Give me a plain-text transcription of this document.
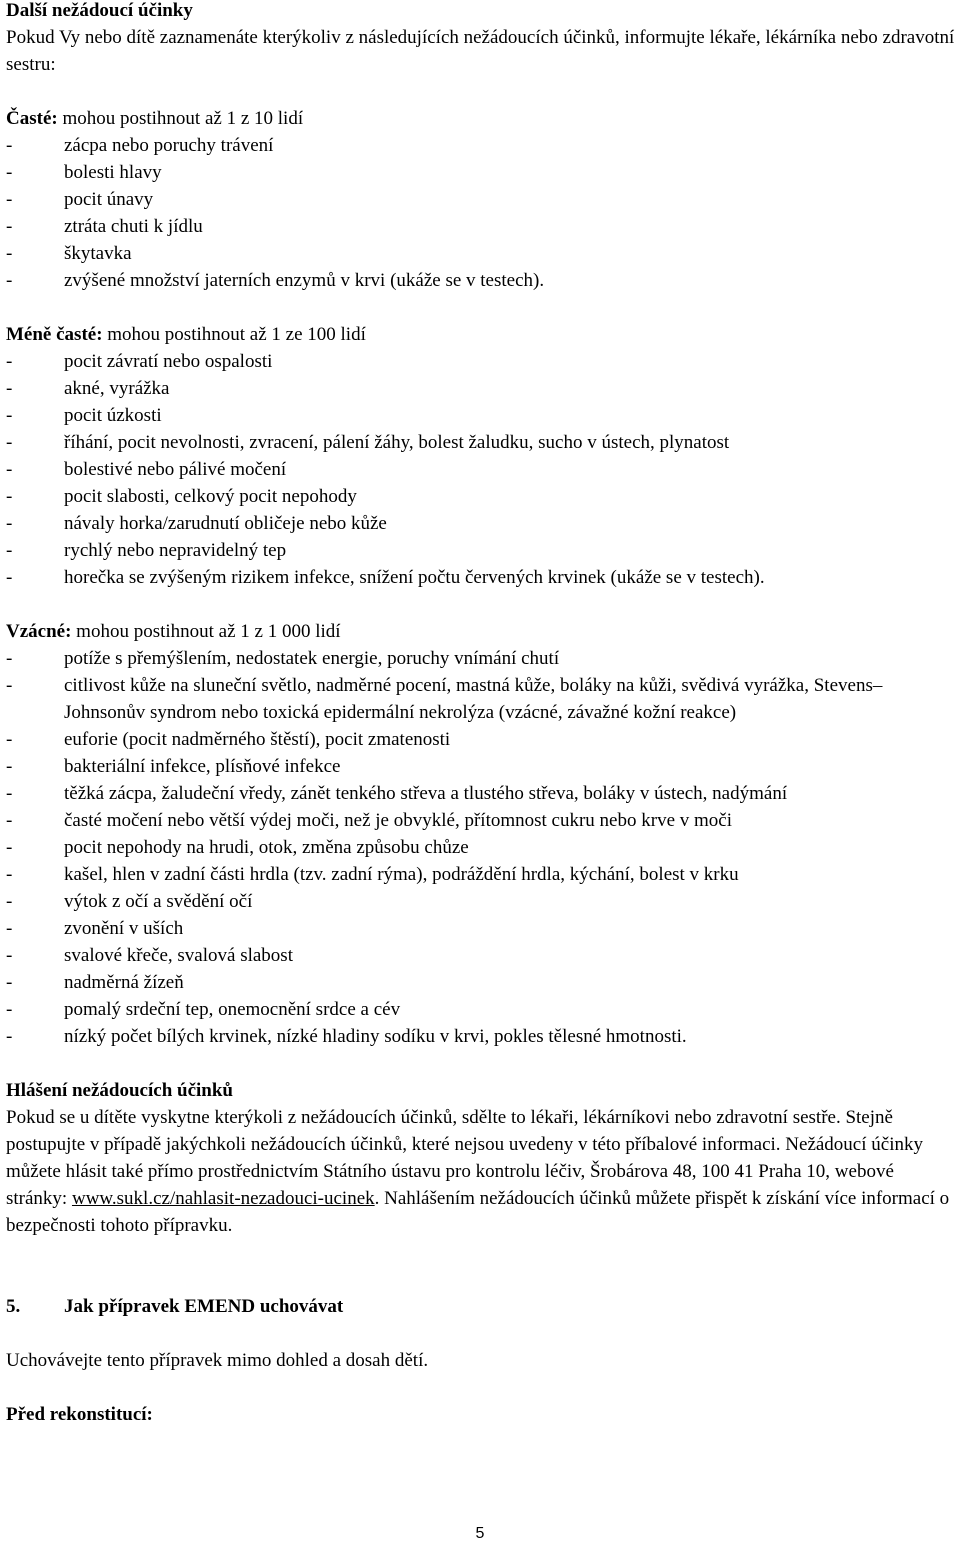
Další nežádoucí účinky

Pokud Vy nebo dítě zaznamenáte kterýkoliv z následujících nežádoucích účinků, informujte lékaře, lékárníka nebo zdravotní sestru:

Časté: mohou postihnout až 1 z 10 lidí

-	zácpa nebo poruchy trávení
-	bolesti hlavy
-	pocit únavy
-	ztráta chuti k jídlu
-	škytavka
-	zvýšené množství jaterních enzymů v krvi (ukáže se v testech).

Méně časté: mohou postihnout až 1 ze 100 lidí

-	pocit závratí nebo ospalosti
-	akné, vyrážka
-	pocit úzkosti
-	říhání, pocit nevolnosti, zvracení, pálení žáhy, bolest žaludku, sucho v ústech, plynatost
-	bolestivé nebo pálivé močení
-	pocit slabosti, celkový pocit nepohody
-	návaly horka/zarudnutí obličeje nebo kůže
-	rychlý nebo nepravidelný tep
-	horečka se zvýšeným rizikem infekce, snížení počtu červených krvinek (ukáže se v testech).

Vzácné: mohou postihnout až 1 z 1 000 lidí

-	potíže s přemýšlením, nedostatek energie, poruchy vnímání chutí
-	citlivost kůže na sluneční světlo, nadměrné pocení, mastná kůže, boláky na kůži, svědivá vyrážka, Stevens–Johnsonův syndrom nebo toxická epidermální nekrolýza (vzácné, závažné kožní reakce)
-	euforie (pocit nadměrného štěstí), pocit zmatenosti
-	bakteriální infekce, plísňové infekce
-	těžká zácpa, žaludeční vředy, zánět tenkého střeva a tlustého střeva, boláky v ústech, nadýmání
-	časté močení nebo větší výdej moči, než je obvyklé, přítomnost cukru nebo krve v moči
-	pocit nepohody na hrudi, otok, změna způsobu chůze
-	kašel, hlen v zadní části hrdla (tzv. zadní rýma), podráždění hrdla, kýchání, bolest v krku
-	výtok z očí a svědění očí
-	zvonění v uších
-	svalové křeče, svalová slabost
-	nadměrná žízeň
-	pomalý srdeční tep, onemocnění srdce a cév
-	nízký počet bílých krvinek, nízké hladiny sodíku v krvi, pokles tělesné hmotnosti.

Hlášení nežádoucích účinků

Pokud se u dítěte vyskytne kterýkoli z nežádoucích účinků, sdělte to lékaři, lékárníkovi nebo zdravotní sestře. Stejně postupujte v případě jakýchkoli nežádoucích účinků, které nejsou uvedeny v této příbalové informaci. Nežádoucí účinky můžete hlásit také přímo prostřednictvím Státního ústavu pro kontrolu léčiv, Šrobárova 48, 100 41 Praha 10, webové stránky: www.sukl.cz/nahlasit-nezadouci-ucinek. Nahlášením nežádoucích účinků můžete přispět k získání více informací o bezpečnosti tohoto přípravku.

5.	Jak přípravek EMEND uchovávat

Uchovávejte tento přípravek mimo dohled a dosah dětí.

Před rekonstitucí:

5
